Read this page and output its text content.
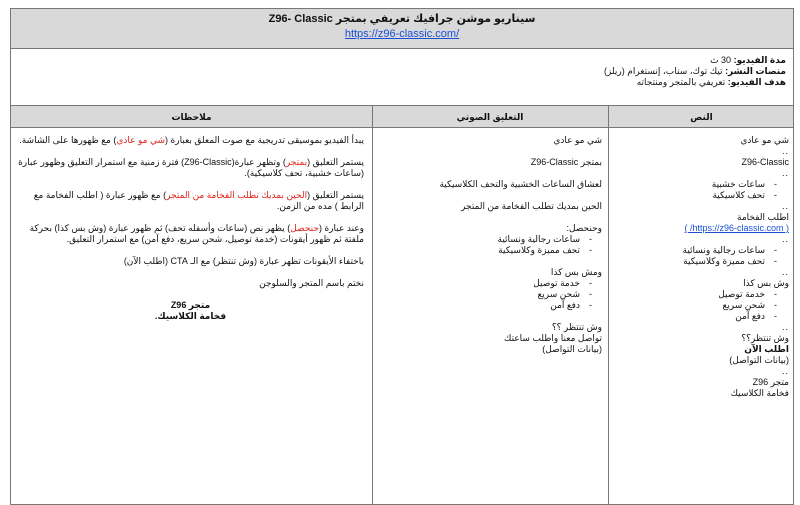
سيناريو موشن جرافيك تعريفي بمتجر Z96- Classic
https://z96-classic.com/
مدة الفيديو: 30 ث
منصات النشر: تيك توك، سناب، إنستغرام (ريلز)
هدف الفيديو: تعريفي بالمتجر ومنتجاته
النص
التعليق الصوتي
ملاحظات

شي مو عادي

..

Z96-Classic

..

- ساعات خشبية
- تحف كلاسيكية

..

اطلب الفخامة

( /https://z96-classic.com )

..

- ساعات رجالية ونسائية
- تحف مميزة وكلاسيكية

..

وش بس كذا

- خدمة توصيل
- شحن سريع
- دفع آمن

..

وش تنتظر؟؟

اطلب الآن

(بيانات التواصل)

..

متجر Z96

فخامة الكلاسيك

شي مو عادي

بمتجر Z96-Classic

لعشاق الساعات الخشبية والتحف الكلاسيكية

الحين بمديك تطلب الفخامة من المتجر

وحنحصل:

- ساعات رجالية ونسائية
- تحف مميزة وكلاسيكية

ومش بس كذا

- خدمة توصيل
- شحن سريع
- دفع آمن

وش تنتظر ؟؟

تواصل معنا واطلب ساعتك

(بيانات التواصل)

يبدأ الفيديو بموسيقى تدريجية مع صوت المعلق بعبارة (شي مو عادي) مع ظهورها على الشاشة.

يستمر التعليق (بمتجر) وتظهر عبارة(Z96-Classic) فترة زمنية مع استمرار التعليق وظهور عبارة (ساعات خشبية، تحف كلاسيكية).

يستمر التعليق (الحين بمديك تطلب الفخامة من المتجر) مع ظهور عبارة ( اطلب الفخامة مع الرابط ) مده من الزمن.

وعند عبارة (حنحصل) يظهر نص (ساعات وأسفله تحف) ثم ظهور عبارة (وش بس كذا) بحركة ملفتة ثم ظهور أيقونات (خدمة توصيل، شحن سريع، دفع آمن) مع استمرار التعليق.

باختفاء الأيقونات تظهر عبارة (وش تنتظر) مع الـ CTA (اطلب الآن)

نختم باسم المتجر والسلوجن

متجر Z96

فخامة الكلاسيك.
